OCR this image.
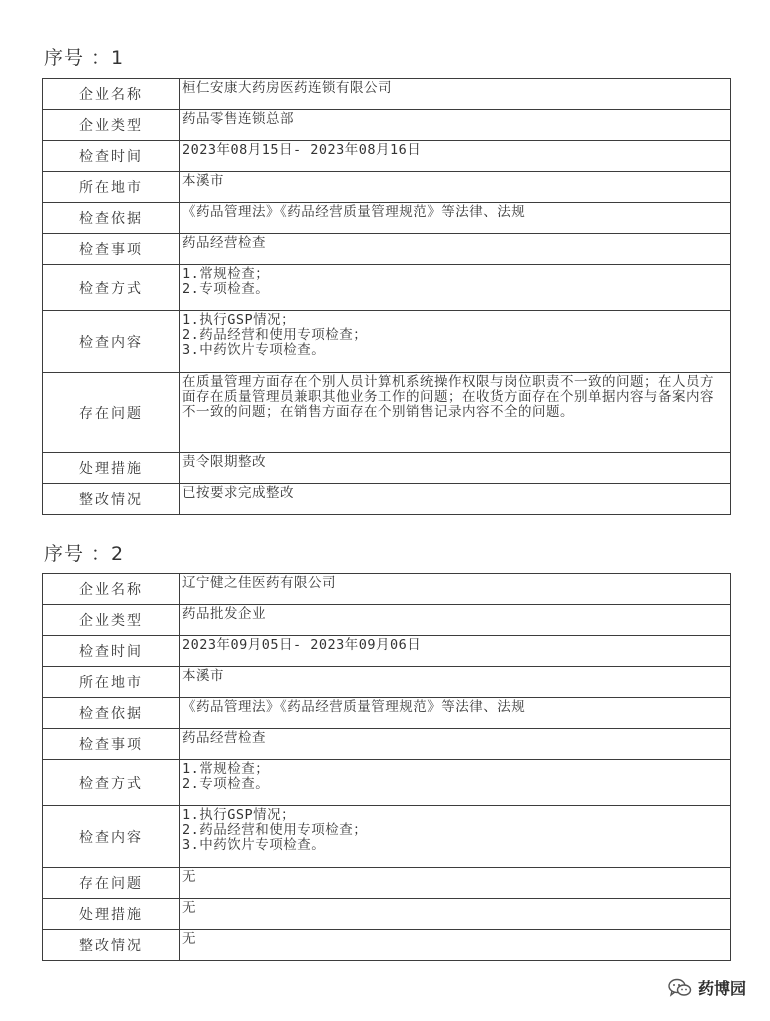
序号 ：1
企业名称	桓仁安康大药房医药连锁有限公司

企业类型	药品零售连锁总部

检查时间	2023年08月15日- 2023年08月16日

所在地市	本溪市

检查依据	《药品管理法》《药品经营质量管理规范》等法律、法规

检查事项	药品经营检查

检查方式	1.常规检查；
2.专项检查。

检查内容	1.执行GSP情况；
2.药品经营和使用专项检查；
3.中药饮片专项检查。

存在问题	在质量管理方面存在个别人员计算机系统操作权限与岗位职责不一致的问题；在人员方面存在质量管理员兼职其他业务工作的问题；在收货方面存在个别单据内容与备案内容不一致的问题；在销售方面存在个别销售记录内容不全的问题。

处理措施	责令限期整改

整改情况	已按要求完成整改
序号 ：2
企业名称	辽宁健之佳医药有限公司

企业类型	药品批发企业

检查时间	2023年09月05日- 2023年09月06日

所在地市	本溪市

检查依据	《药品管理法》《药品经营质量管理规范》等法律、法规

检查事项	药品经营检查

检查方式	1.常规检查；
2.专项检查。

检查内容	1.执行GSP情况；
2.药品经营和使用专项检查；
3.中药饮片专项检查。

存在问题	无

处理措施	无

整改情况	无
药博园
